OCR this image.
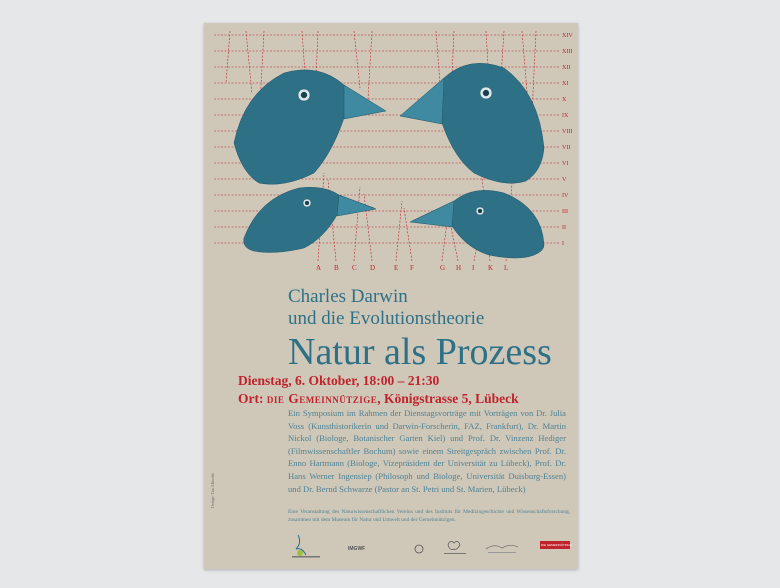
XIV
XIII
XII
XI
X
IX
VIII
VII
VI
V
IV
III
II
I
A B C D	E F	G H I K L
Charles Darwin
und die Evolutionstheorie
Natur als Prozess
Dienstag, 6. Oktober, 18:00 – 21:30
Ort: die Gemeinnützige, Königstrasse 5, Lübeck
Ein Symposium im Rahmen der Dienstagsvorträge mit Vorträgen von Dr. Julia Voss (Kunsthistorikerin und Darwin-Forscherin, FAZ, Frankfurt), Dr. Martin Nickol (Biologe, Botanischer Garten Kiel) und Prof. Dr. Vinzenz Hediger (Filmwissenschaftler Bochum) sowie einem Streitgespräch zwischen Prof. Dr. Enno Hartmann (Biologe, Vizepräsident der Universität zu Lübeck), Prof. Dr. Hans Werner Ingensiep (Philosoph und Biologe, Universität Duisburg-Essen) und Dr. Bernd Schwarze (Pastor an St. Petri und St. Marien, Lübeck)
Eine Veranstaltung des Naturwissenschaftlichen Vereins und des Instituts für Medizingeschichte und Wissenschaftsforschung, zusammen mit dem Museum für Natur und Umwelt und der Gemeinnützigen.
Design: Tim Albrecht
IMGWF
DIE GEMEINNÜTZIGE
